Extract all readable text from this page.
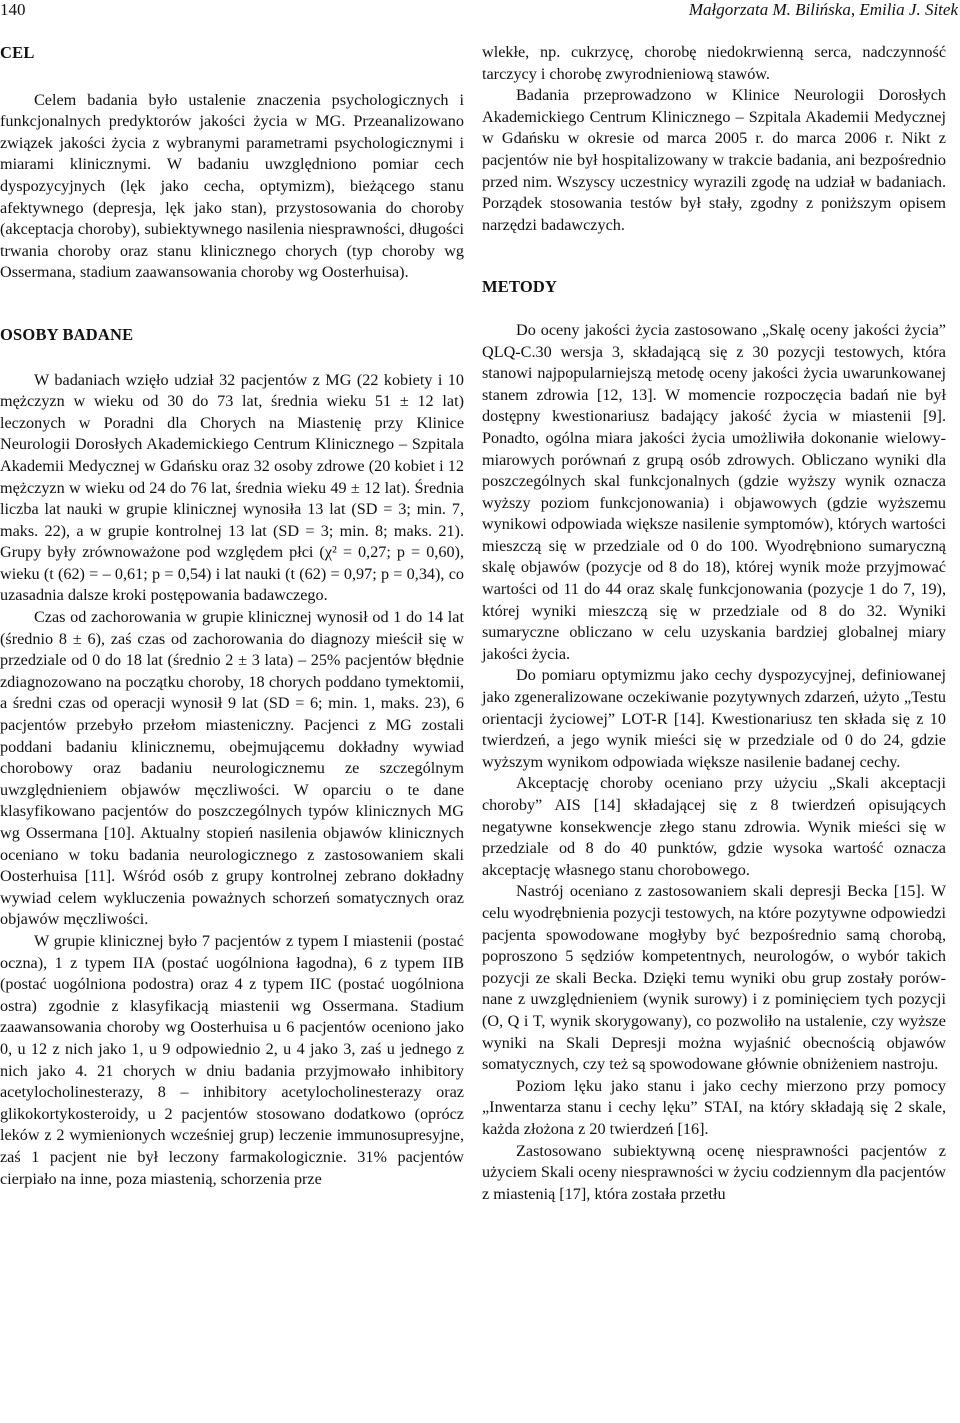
140	Małgorzata M. Bilińska, Emilia J. Sitek
CEL

Celem badania było ustalenie znaczenia psychologicznych i funkcjonalnych predyktorów jakości życia w MG. Przeanalizowano związek jakości życia z wybranymi parametrami psychologicznymi i miarami klinicznymi. W badaniu uwzględniono pomiar cech dyspozycyjnych (lęk jako cecha, optymizm), bieżącego stanu afektywnego (depresja, lęk jako stan), przystosowania do choroby (akceptacja choroby), subiektywnego nasilenia niesprawności, długości trwania choroby oraz stanu klinicznego chorych (typ choroby wg Ossermana, stadium zaawansowania choroby wg Oosterhuisa).

OSOBY BADANE

W badaniach wzięło udział 32 pacjentów z MG (22 kobiety i 10 mężczyzn w wieku od 30 do 73 lat, średnia wieku 51 ± 12 lat) leczonych w Poradni dla Chorych na Miastenię przy Klinice Neurologii Dorosłych Akademickiego Centrum Klinicznego – Szpitala Akademii Medycznej w Gdańsku oraz 32 osoby zdrowe (20 kobiet i 12 mężczyzn w wieku od 24 do 76 lat, średnia wieku 49 ± 12 lat). Średnia liczba lat nauki w grupie klinicznej wynosiła 13 lat (SD = 3; min. 7, maks. 22), a w grupie kontrolnej 13 lat (SD = 3; min. 8; maks. 21). Grupy były zrównoważone pod względem płci (χ² = 0,27; p = 0,60), wieku (t (62) = – 0,61; p = 0,54) i lat nauki (t (62) = 0,97; p = 0,34), co uzasadnia dalsze kroki postępowania badawczego.

Czas od zachorowania w grupie klinicznej wynosił od 1 do 14 lat (średnio 8 ± 6), zaś czas od zachorowania do diagnozy mieścił się w przedziale od 0 do 18 lat (średnio 2 ± 3 lata) – 25% pacjentów błędnie zdiagnozowano na początku choroby, 18 chorych poddano tymektomii, a średni czas od operacji wynosił 9 lat (SD = 6; min. 1, maks. 23), 6 pacjentów przebyło przełom miasteniczny. Pacjenci z MG zostali poddani badaniu klinicznemu, obejmującemu dokładny wywiad chorobowy oraz badaniu neurologicznemu ze szczególnym uwzględnieniem objawów męczliwości. W oparciu o te dane klasyfikowano pacjentów do poszczególnych typów klinicznych MG wg Ossermana [10]. Aktualny stopień nasilenia objawów klinicznych oceniano w toku badania neurologicznego z zastosowaniem skali Oosterhuisa [11]. Wśród osób z grupy kontrolnej zebrano dokładny wywiad celem wykluczenia poważnych schorzeń somatycznych oraz objawów męczliwości.

W grupie klinicznej było 7 pacjentów z typem I miastenii (postać oczna), 1 z typem IIA (postać uogólniona łagodna), 6 z typem IIB (postać uogólniona podostra) oraz 4 z typem IIC (postać uogólniona ostra) zgodnie z klasyfikacją miastenii wg Ossermana. Stadium zaawansowania choroby wg Oosterhuisa u 6 pacjentów oceniono jako 0, u 12 z nich jako 1, u 9 odpowiednio 2, u 4 jako 3, zaś u jednego z nich jako 4. 21 chorych w dniu badania przyjmowało inhibitory acetylocholinesterazy, 8 – inhibitory acetylocholinesterazy oraz glikokortykosteroidy, u 2 pacjentów stosowano dodatkowo (oprócz leków z 2 wymienionych wcześniej grup) leczenie immunosupresyjne, zaś 1 pacjent nie był leczony farmakologicznie. 31% pacjentów cierpiało na inne, poza miastenią, schorzenia prze

wlekłe, np. cukrzycę, chorobę niedokrwienną serca, nadczynność tarczycy i chorobę zwyrodnieniową stawów.

Badania przeprowadzono w Klinice Neurologii Dorosłych Akademickiego Centrum Klinicznego – Szpitala Akademii Medycznej w Gdańsku w okresie od marca 2005 r. do marca 2006 r. Nikt z pacjentów nie był hospitalizowany w trakcie badania, ani bezpośrednio przed nim. Wszyscy uczestnicy wyrazili zgodę na udział w badaniach. Porządek stosowania testów był stały, zgodny z poniższym opisem narzędzi badawczych.

METODY

Do oceny jakości życia zastosowano „Skalę oceny jakości życia” QLQ-C.30 wersja 3, składającą się z 30 pozycji testowych, która stanowi najpopularniejszą metodę oceny jakości życia uwarunkowanej stanem zdrowia [12, 13]. W momencie rozpoczęcia badań nie był dostępny kwestionariusz badający jakość życia w miastenii [9]. Ponadto, ogólna miara jakości życia umożliwiła dokonanie wielowymiarowych porównań z grupą osób zdrowych. Obliczano wyniki dla poszczególnych skal funkcjonalnych (gdzie wyższy wynik oznacza wyższy poziom funkcjonowania) i objawowych (gdzie wyższemu wynikowi odpowiada większe nasilenie symptomów), których wartości mieszczą się w przedziale od 0 do 100. Wyodrębniono sumaryczną skalę objawów (pozycje od 8 do 18), której wynik może przyjmować wartości od 11 do 44 oraz skalę funkcjonowania (pozycje 1 do 7, 19), której wyniki mieszczą się w przedziale od 8 do 32. Wyniki sumaryczne obliczano w celu uzyskania bardziej globalnej miary jakości życia.

Do pomiaru optymizmu jako cechy dyspozycyjnej, definiowanej jako zgeneralizowane oczekiwanie pozytywnych zdarzeń, użyto „Testu orientacji życiowej” LOT-R [14]. Kwestionariusz ten składa się z 10 twierdzeń, a jego wynik mieści się w przedziale od 0 do 24, gdzie wyższym wynikom odpowiada większe nasilenie badanej cechy.

Akceptację choroby oceniano przy użyciu „Skali akceptacji choroby” AIS [14] składającej się z 8 twierdzeń opisujących negatywne konsekwencje złego stanu zdrowia. Wynik mieści się w przedziale od 8 do 40 punktów, gdzie wysoka wartość oznacza akceptację własnego stanu chorobowego.

Nastrój oceniano z zastosowaniem skali depresji Becka [15]. W celu wyodrębnienia pozycji testowych, na które pozytywne odpowiedzi pacjenta spowodowane mogłyby być bezpośrednio samą chorobą, poproszono 5 sędziów kompetentnych, neurologów, o wybór takich pozycji ze skali Becka. Dzięki temu wyniki obu grup zostały porównane z uwzględnieniem (wynik surowy) i z pominięciem tych pozycji (O, Q i T, wynik skorygowany), co pozwoliło na ustalenie, czy wyższe wyniki na Skali Depresji można wyjaśnić obecnością objawów somatycznych, czy też są spowodowane głównie obniżeniem nastroju.

Poziom lęku jako stanu i jako cechy mierzono przy pomocy „Inwentarza stanu i cechy lęku” STAI, na który składają się 2 skale, każda złożona z 20 twierdzeń [16].

Zastosowano subiektywną ocenę niesprawności pacjentów z użyciem Skali oceny niesprawności w życiu codziennym dla pacjentów z miastenią [17], która została przetłu
